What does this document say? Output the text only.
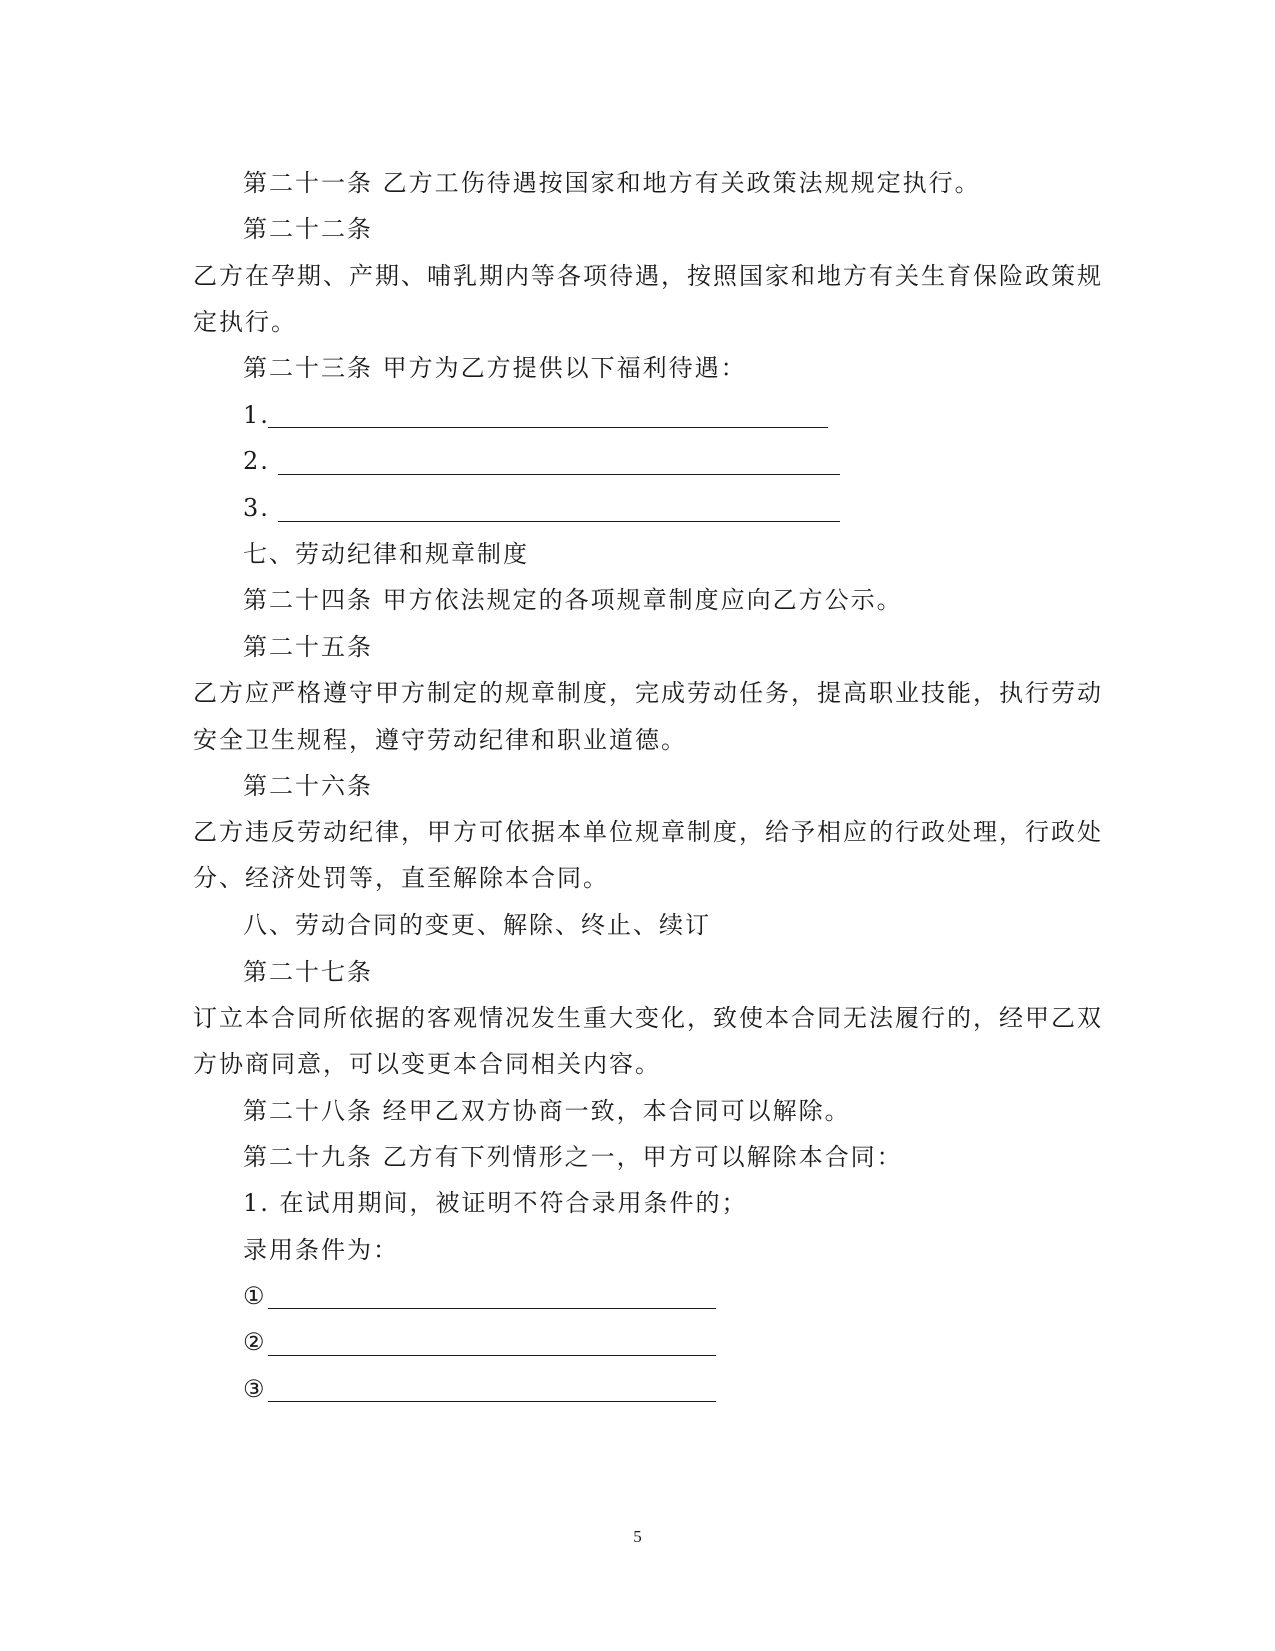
第二十一条 乙方工伤待遇按国家和地方有关政策法规规定执行。
第二十二条
乙方在孕期、产期、哺乳期内等各项待遇，按照国家和地方有关生育保险政策规
定执行。
第二十三条 甲方为乙方提供以下福利待遇：
1.
2.
3.
七、劳动纪律和规章制度
第二十四条 甲方依法规定的各项规章制度应向乙方公示。
第二十五条
乙方应严格遵守甲方制定的规章制度，完成劳动任务，提高职业技能，执行劳动
安全卫生规程，遵守劳动纪律和职业道德。
第二十六条
乙方违反劳动纪律，甲方可依据本单位规章制度，给予相应的行政处理，行政处
分、经济处罚等，直至解除本合同。
八、劳动合同的变更、解除、终止、续订
第二十七条
订立本合同所依据的客观情况发生重大变化，致使本合同无法履行的，经甲乙双
方协商同意，可以变更本合同相关内容。
第二十八条 经甲乙双方协商一致，本合同可以解除。
第二十九条 乙方有下列情形之一，甲方可以解除本合同：
1. 在试用期间，被证明不符合录用条件的；
录用条件为：
①
②
③
5
